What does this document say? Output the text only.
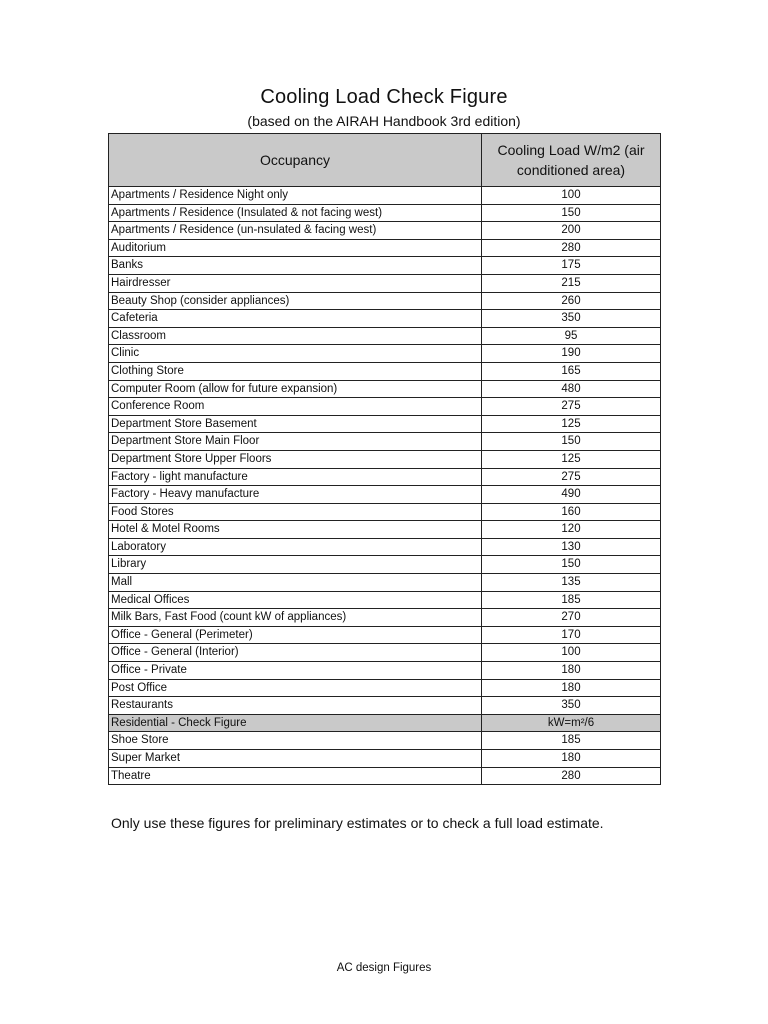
Cooling Load Check Figure
(based on the AIRAH Handbook 3rd edition)
Occupancy	Cooling Load W/m2 (air conditioned area)
Apartments / Residence Night only	100
Apartments / Residence (Insulated & not facing west)	150
Apartments / Residence (un-nsulated & facing west)	200
Auditorium	280
Banks	175
Hairdresser	215
Beauty Shop (consider appliances)	260
Cafeteria	350
Classroom	95
Clinic	190
Clothing Store	165
Computer Room (allow for future expansion)	480
Conference Room	275
Department Store Basement	125
Department Store Main Floor	150
Department Store Upper Floors	125
Factory - light manufacture	275
Factory - Heavy manufacture	490
Food Stores	160
Hotel & Motel Rooms	120
Laboratory	130
Library	150
Mall	135
Medical Offices	185
Milk Bars, Fast Food (count kW of appliances)	270
Office - General (Perimeter)	170
Office - General (Interior)	100
Office - Private	180
Post Office	180
Restaurants	350
Residential - Check Figure	kW=m²/6
Shoe Store	185
Super Market	180
Theatre	280
Only use these figures for preliminary estimates or to check a full load estimate.
AC design Figures
